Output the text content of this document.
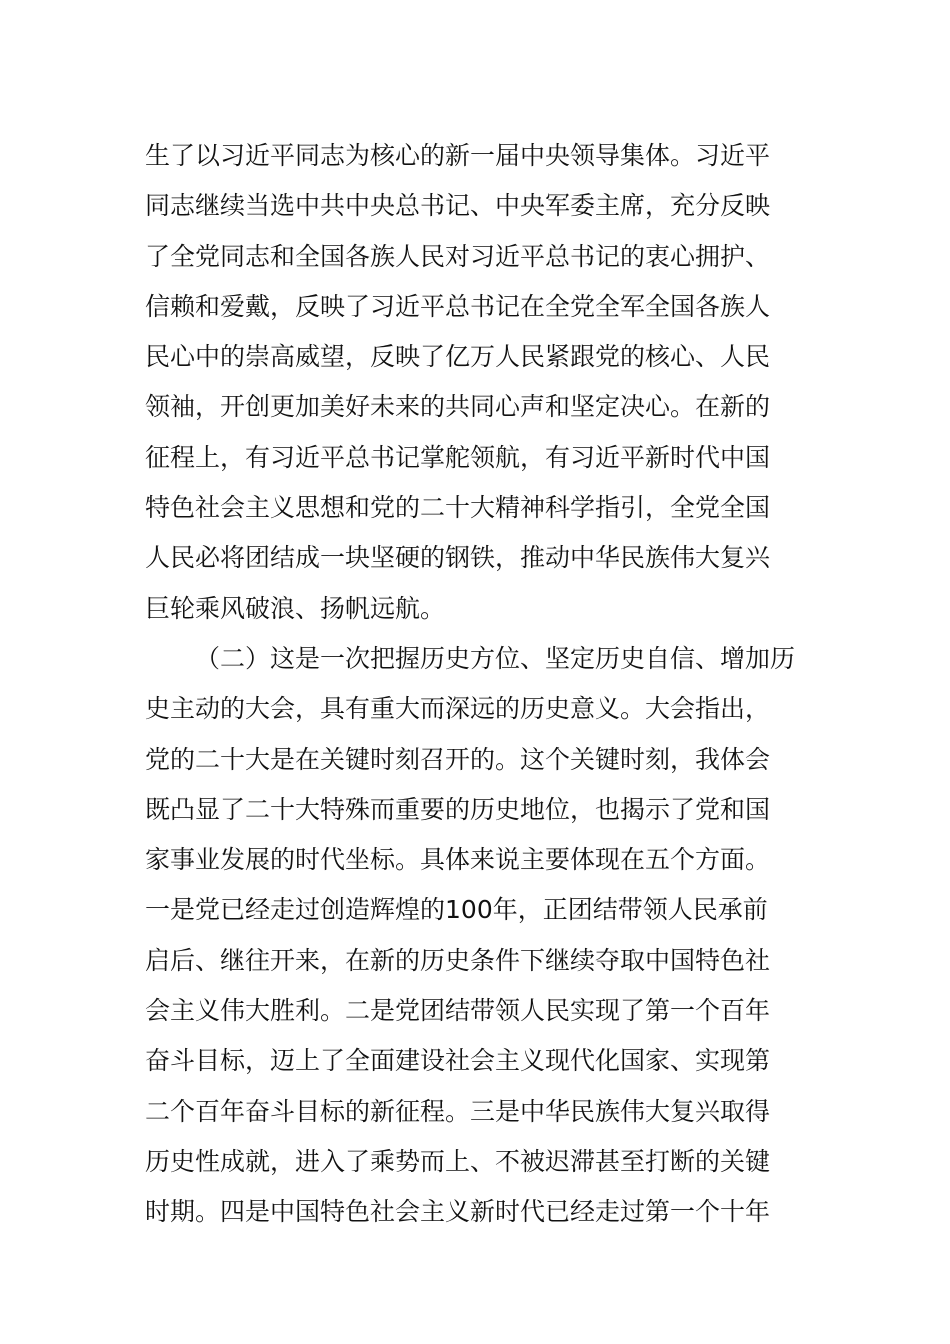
生了以习近平同志为核心的新一届中央领导集体。习近平
同志继续当选中共中央总书记、中央军委主席，充分反映
了全党同志和全国各族人民对习近平总书记的衷心拥护、
信赖和爱戴，反映了习近平总书记在全党全军全国各族人
民心中的崇高威望，反映了亿万人民紧跟党的核心、人民
领袖，开创更加美好未来的共同心声和坚定决心。在新的
征程上，有习近平总书记掌舵领航，有习近平新时代中国
特色社会主义思想和党的二十大精神科学指引，全党全国
人民必将团结成一块坚硬的钢铁，推动中华民族伟大复兴
巨轮乘风破浪、扬帆远航。
（二）这是一次把握历史方位、坚定历史自信、增加历
史主动的大会，具有重大而深远的历史意义。大会指出，
党的二十大是在关键时刻召开的。这个关键时刻，我体会
既凸显了二十大特殊而重要的历史地位，也揭示了党和国
家事业发展的时代坐标。具体来说主要体现在五个方面。
一是党已经走过创造辉煌的100年，正团结带领人民承前
启后、继往开来，在新的历史条件下继续夺取中国特色社
会主义伟大胜利。二是党团结带领人民实现了第一个百年
奋斗目标，迈上了全面建设社会主义现代化国家、实现第
二个百年奋斗目标的新征程。三是中华民族伟大复兴取得
历史性成就，进入了乘势而上、不被迟滞甚至打断的关键
时期。四是中国特色社会主义新时代已经走过第一个十年
